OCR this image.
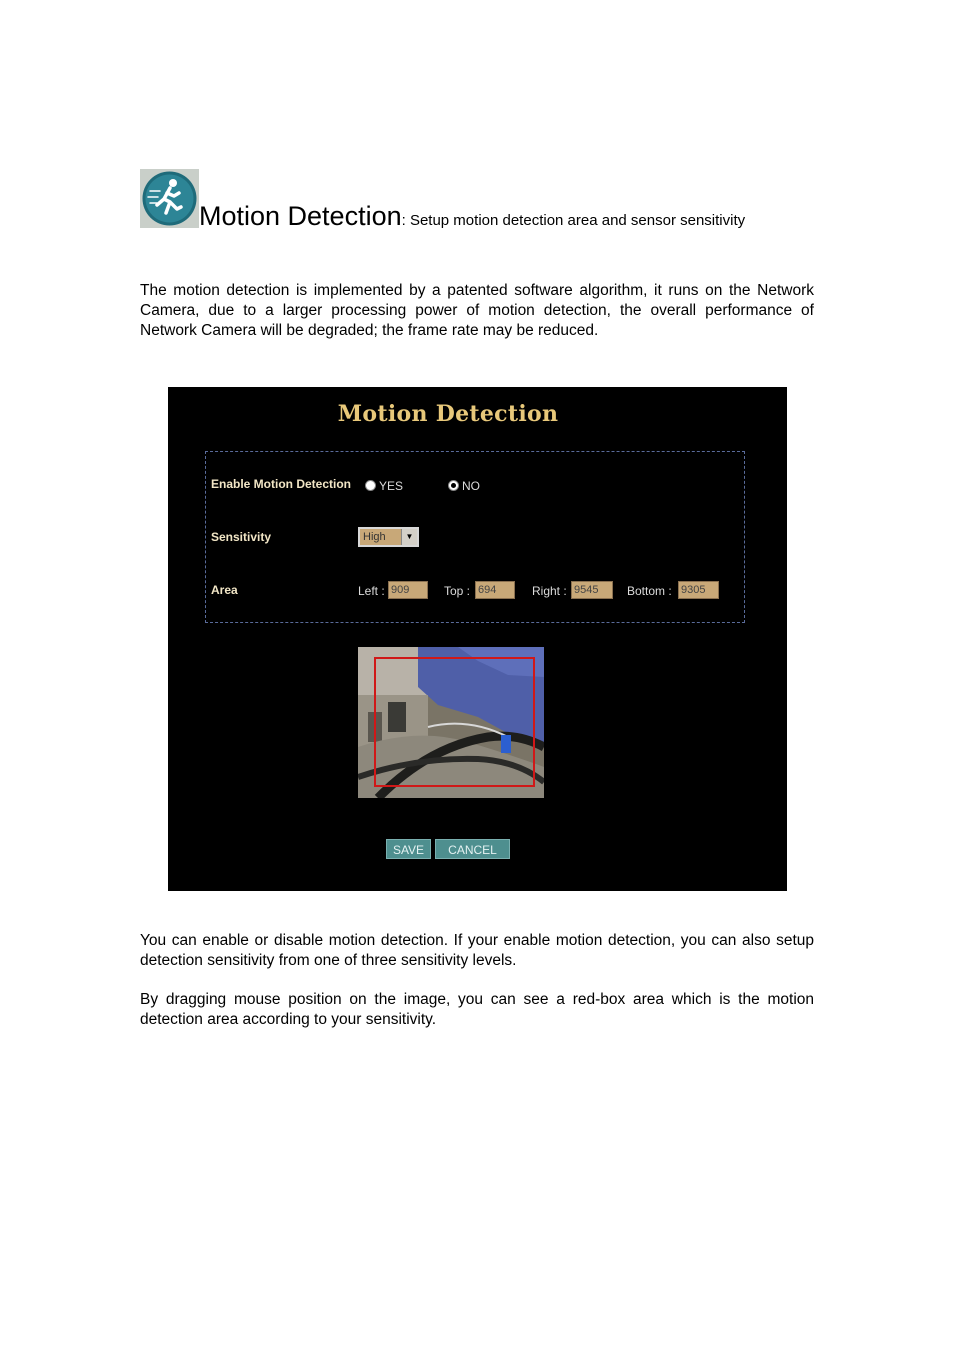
Motion Detection: Setup motion detection area and sensor sensitivity
The motion detection is implemented by a patented software algorithm, it runs on the Network Camera, due to a larger processing power of motion detection, the overall performance of Network Camera will be degraded; the frame rate may be reduced.
Motion Detection
Enable Motion Detection YES	NO
Sensitivity	High	▼
Area	Left : 909	Top : 694	Right : 9545	Bottom : 9305
SAVE	CANCEL
You can enable or disable motion detection. If your enable motion detection, you can also setup detection sensitivity from one of three sensitivity levels.
By dragging mouse position on the image, you can see a red-box area which is the motion detection area according to your sensitivity.
